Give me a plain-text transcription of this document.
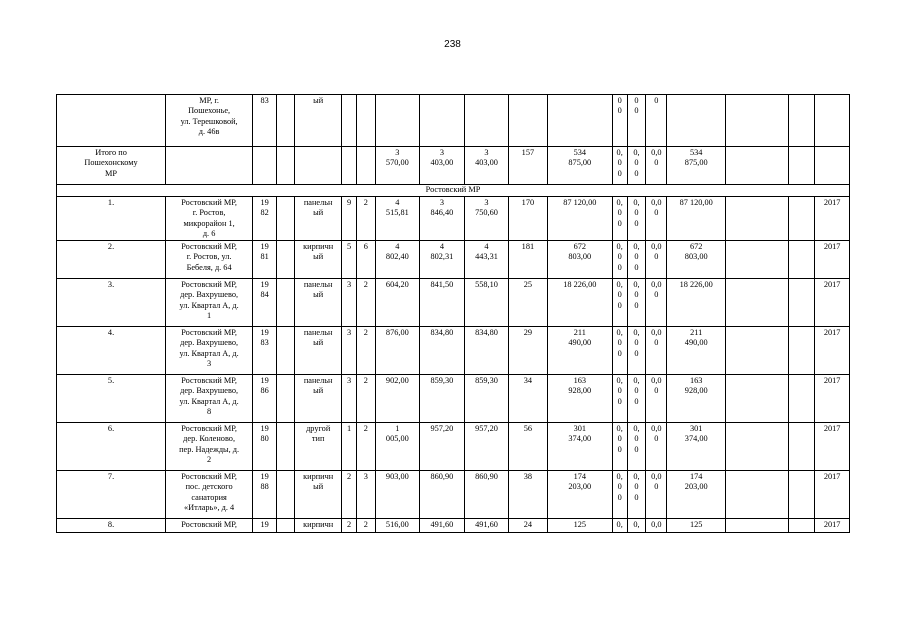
238
	МР, г.
Пошехонье,
ул. Терешковой,
д. 46в	83		ый								0
0	0
0	0				
Итого по
Пошехонскому
МР							3
570,00	3
403,00	3
403,00	157	534
875,00	0,
0
0	0,
0
0	0,0
0	534
875,00			
Ростовский МР																		
1.	Ростовский МР,
г. Ростов,
микрорайон 1,
д. 6	19
82		панельн
ый	9	2	4
515,81	3
846,40	3
750,60	170	87 120,00	0,
0
0	0,
0
0	0,0
0	87 120,00			2017
2.	Ростовский МР,
г. Ростов, ул.
Бебеля, д. 64	19
81		кирпичн
ый	5	6	4
802,40	4
802,31	4
443,31	181	672
803,00	0,
0
0	0,
0
0	0,0
0	672
803,00			2017
3.	Ростовский МР,
дер. Вахрушево,
ул. Квартал А, д.
1	19
84		панельн
ый	3	2	604,20	841,50	558,10	25	18 226,00	0,
0
0	0,
0
0	0,0
0	18 226,00			2017
4.	Ростовский МР,
дер. Вахрушево,
ул. Квартал А, д.
3	19
83		панельн
ый	3	2	876,00	834,80	834,80	29	211
490,00	0,
0
0	0,
0
0	0,0
0	211
490,00			2017
5.	Ростовский МР,
дер. Вахрушево,
ул. Квартал А, д.
8	19
86		панельн
ый	3	2	902,00	859,30	859,30	34	163
928,00	0,
0
0	0,
0
0	0,0
0	163
928,00			2017
6.	Ростовский МР,
дер. Коленово,
пер. Надежды, д.
2	19
80		другой
тип	1	2	1
005,00	957,20	957,20	56	301
374,00	0,
0
0	0,
0
0	0,0
0	301
374,00			2017
7.	Ростовский МР,
пос. детского
санатория
«Итларь», д. 4	19
88		кирпичн
ый	2	3	903,00	860,90	860,90	38	174
203,00	0,
0
0	0,
0
0	0,0
0	174
203,00			2017
8.	Ростовский МР,	19		кирпичн	2	2	516,00	491,60	491,60	24	125	0,	0,	0,0	125			2017
